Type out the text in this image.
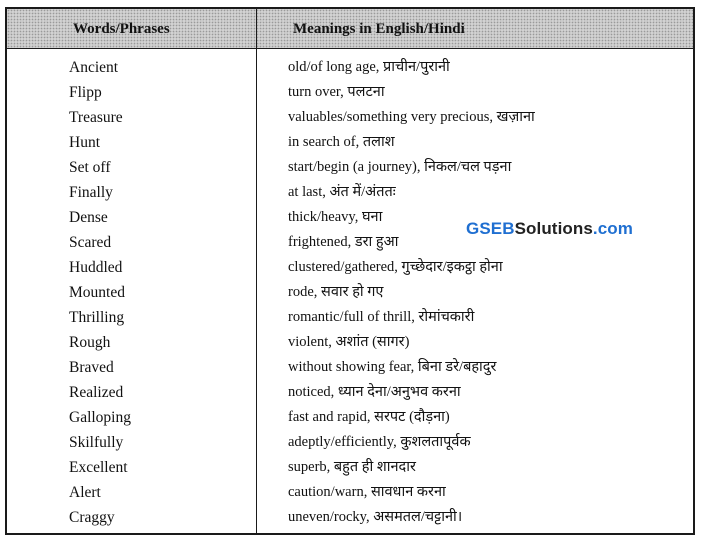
Words/Phrases	Meanings in English/Hindi
Ancient	old/of long age, प्राचीन/पुरानी
Flipp	turn over, पलटना
Treasure	valuables/something very precious, खज़ाना
Hunt	in search of, तलाश
Set off	start/begin (a journey), निकल/चल पड़ना
Finally	at last, अंत में/अंततः
Dense	thick/heavy, घना
Scared	frightened, डरा हुआ
Huddled	clustered/gathered, गुच्छेदार/इकट्ठा होना
Mounted	rode, सवार हो गए
Thrilling	romantic/full of thrill, रोमांचकारी
Rough	violent, अशांत (सागर)
Braved	without showing fear, बिना डरे/बहादुर
Realized	noticed, ध्यान देना/अनुभव करना
Galloping	fast and rapid, सरपट (दौड़ना)
Skilfully	adeptly/efficiently, कुशलतापूर्वक
Excellent	superb, बहुत ही शानदार
Alert	caution/warn, सावधान करना
Craggy	uneven/rocky, असमतल/चट्टानी।
GSEBSolutions.com
